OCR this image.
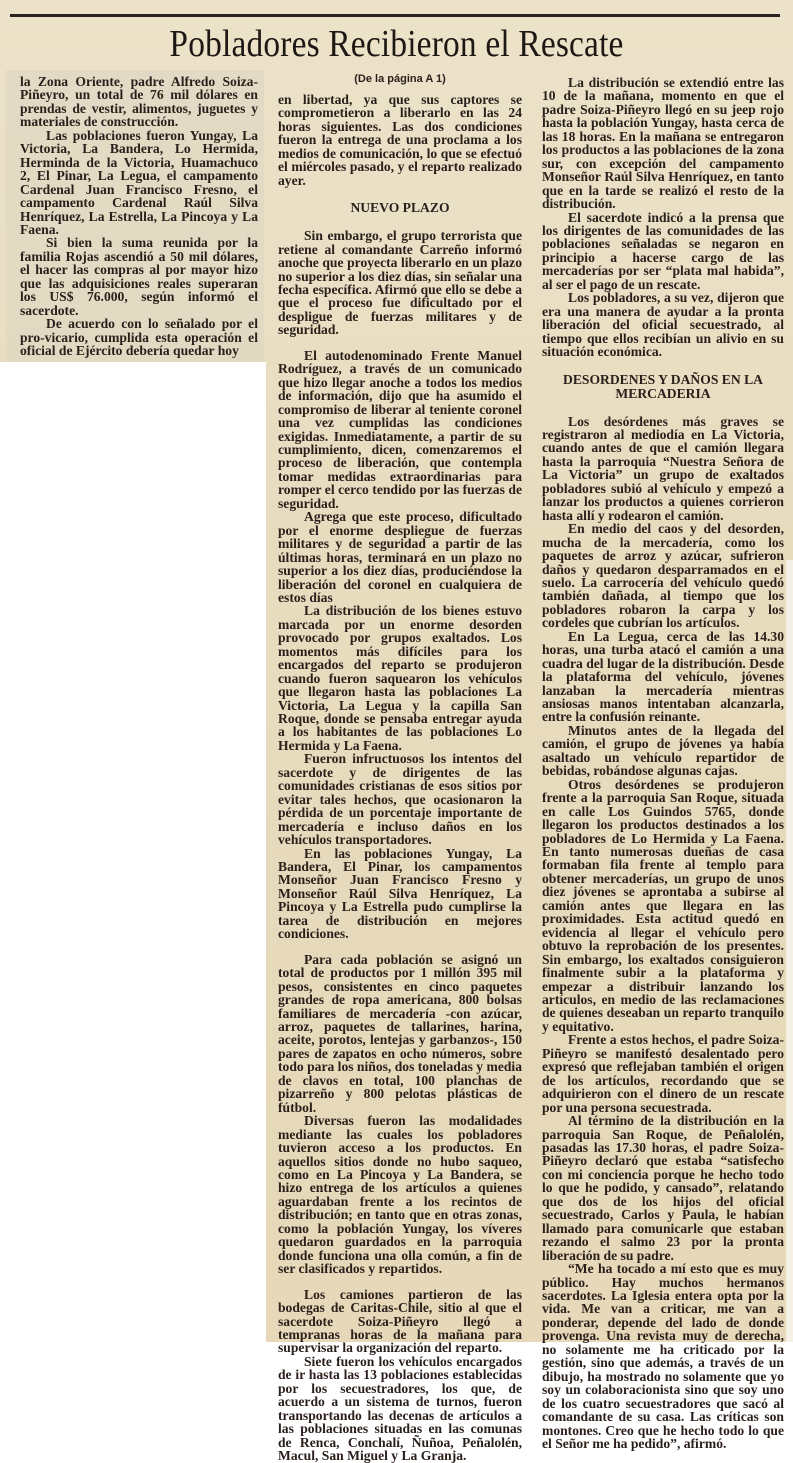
Pobladores Recibieron el Rescate
(De la página A 1)

la Zona Oriente, padre Alfredo Soiza-Piñeyro, un total de 76 mil dólares en prendas de vestir, alimentos, juguetes y materiales de construcción.

Las poblaciones fueron Yungay, La Victoria, La Bandera, Lo Hermida, Herminda de la Victoria, Huamachuco 2, El Pinar, La Legua, el campamento Cardenal Juan Francisco Fresno, el campamento Cardenal Raúl Silva Henríquez, La Estrella, La Pincoya y La Faena.

Si bien la suma reunida por la familia Rojas ascendió a 50 mil dólares, el hacer las compras al por mayor hizo que las adquisiciones reales superaran los US$ 76.000, según informó el sacerdote.

De acuerdo con lo señalado por el pro-vicario, cumplida esta operación el oficial de Ejército debería quedar hoy

en libertad, ya que sus captores se comprometieron a liberarlo en las 24 horas siguientes. Las dos condiciones fueron la entrega de una proclama a los medios de comunicación, lo que se efectuó el miércoles pasado, y el reparto realizado ayer.

NUEVO PLAZO

Sin embargo, el grupo terrorista que retiene al comandante Carreño informó anoche que proyecta liberarlo en un plazo no superior a los diez días, sin señalar una fecha específica. Afirmó que ello se debe a que el proceso fue dificultado por el despligue de fuerzas militares y de seguridad.

El autodenominado Frente Manuel Rodríguez, a través de un comunicado que hizo llegar anoche a todos los medios de información, dijo que ha asumido el compromiso de liberar al teniente coronel una vez cumplidas las condiciones exigidas. Inmediatamente, a partir de su cumplimiento, dicen, comenzaremos el proceso de liberación, que contempla tomar medidas extraordinarias para romper el cerco tendido por las fuerzas de seguridad.

Agrega que este proceso, dificultado por el enorme despliegue de fuerzas militares y de seguridad a partir de las últimas horas, terminará en un plazo no superior a los diez días, produciéndose la liberación del coronel en cualquiera de estos días

La distribución de los bienes estuvo marcada por un enorme desorden provocado por grupos exaltados. Los momentos más difíciles para los encargados del reparto se produjeron cuando fueron saquearon los vehículos que llegaron hasta las poblaciones La Victoria, La Legua y la capilla San Roque, donde se pensaba entregar ayuda a los habitantes de las poblaciones Lo Hermida y La Faena.

Fueron infructuosos los intentos del sacerdote y de dirigentes de las comunidades cristianas de esos sitios por evitar tales hechos, que ocasionaron la pérdida de un porcentaje importante de mercadería e incluso daños en los vehículos transportadores.

En las poblaciones Yungay, La Bandera, El Pinar, los campamentos Monseñor Juan Francisco Fresno y Monseñor Raúl Silva Henríquez, La Pincoya y La Estrella pudo cumplirse la tarea de distribución en mejores condiciones.

Para cada población se asignó un total de productos por 1 millón 395 mil pesos, consistentes en cinco paquetes grandes de ropa americana, 800 bolsas familiares de mercadería -con azúcar, arroz, paquetes de tallarines, harina, aceite, porotos, lentejas y garbanzos-, 150 pares de zapatos en ocho números, sobre todo para los niños, dos toneladas y media de clavos en total, 100 planchas de pizarreño y 800 pelotas plásticas de fútbol.

Diversas fueron las modalidades mediante las cuales los pobladores tuvieron acceso a los productos. En aquellos sitios donde no hubo saqueo, como en La Pincoya y La Bandera, se hizo entrega de los artículos a quienes aguardaban frente a los recintos de distribución; en tanto que en otras zonas, como la población Yungay, los víveres quedaron guardados en la parroquia donde funciona una olla común, a fin de ser clasificados y repartidos.

Los camiones partieron de las bodegas de Caritas-Chile, sitio al que el sacerdote Soiza-Piñeyro llegó a tempranas horas de la mañana para supervisar la organización del reparto.

Siete fueron los vehículos encargados de ir hasta las 13 poblaciones establecidas por los secuestradores, los que, de acuerdo a un sistema de turnos, fueron transportando las decenas de artículos a las poblaciones situadas en las comunas de Renca, Conchalí, Ñuñoa, Peñalolén, Macul, San Miguel y La Granja.

La distribución se extendió entre las 10 de la mañana, momento en que el padre Soiza-Piñeyro llegó en su jeep rojo hasta la población Yungay, hasta cerca de las 18 horas. En la mañana se entregaron los productos a las poblaciones de la zona sur, con excepción del campamento Monseñor Raúl Silva Henríquez, en tanto que en la tarde se realizó el resto de la distribución.

El sacerdote indicó a la prensa que los dirigentes de las comunidades de las poblaciones señaladas se negaron en principio a hacerse cargo de las mercaderías por ser “plata mal habida”, al ser el pago de un rescate.

Los pobladores, a su vez, dijeron que era una manera de ayudar a la pronta liberación del oficial secuestrado, al tiempo que ellos recibían un alivio en su situación económica.

DESORDENES Y DAÑOS EN LA MERCADERIA

Los desórdenes más graves se registraron al mediodía en La Victoria, cuando antes de que el camión llegara hasta la parroquia “Nuestra Señora de La Victoria” un grupo de exaltados pobladores subió al vehículo y empezó a lanzar los productos a quienes corrieron hasta allí y rodearon el camión.

En medio del caos y del desorden, mucha de la mercadería, como los paquetes de arroz y azúcar, sufrieron daños y quedaron desparramados en el suelo. La carrocería del vehículo quedó también dañada, al tiempo que los pobladores robaron la carpa y los cordeles que cubrían los artículos.

En La Legua, cerca de las 14.30 horas, una turba atacó el camión a una cuadra del lugar de la distribución. Desde la plataforma del vehículo, jóvenes lanzaban la mercadería mientras ansiosas manos intentaban alcanzarla, entre la confusión reinante.

Minutos antes de la llegada del camión, el grupo de jóvenes ya había asaltado un vehículo repartidor de bebidas, robándose algunas cajas.

Otros desórdenes se produjeron frente a la parroquia San Roque, situada en calle Los Guindos 5765, donde llegaron los productos destinados a los pobladores de Lo Hermida y La Faena. En tanto numerosas dueñas de casa formaban fila frente al templo para obtener mercaderías, un grupo de unos diez jóvenes se aprontaba a subirse al camión antes que llegara en las proximidades. Esta actitud quedó en evidencia al llegar el vehículo pero obtuvo la reprobación de los presentes. Sin embargo, los exaltados consiguieron finalmente subir a la plataforma y empezar a distribuir lanzando los artículos, en medio de las reclamaciones de quienes deseaban un reparto tranquilo y equitativo.

Frente a estos hechos, el padre Soiza-Piñeyro se manifestó desalentado pero expresó que reflejaban también el origen de los artículos, recordando que se adquirieron con el dinero de un rescate por una persona secuestrada.

Al término de la distribución en la parroquia San Roque, de Peñalolén, pasadas las 17.30 horas, el padre Soiza-Piñeyro declaró que estaba “satisfecho con mi conciencia porque he hecho todo lo que he podido, y cansado”, relatando que dos de los hijos del oficial secuestrado, Carlos y Paula, le habían llamado para comunicarle que estaban rezando el salmo 23 por la pronta liberación de su padre.

“Me ha tocado a mí esto que es muy público. Hay muchos hermanos sacerdotes. La Iglesia entera opta por la vida. Me van a criticar, me van a ponderar, depende del lado de donde provenga. Una revista muy de derecha, no solamente me ha criticado por la gestión, sino que además, a través de un dibujo, ha mostrado no solamente que yo soy un colaboracionista sino que soy uno de los cuatro secuestradores que sacó al comandante de su casa. Las críticas son montones. Creo que he hecho todo lo que el Señor me ha pedido”, afirmó.
